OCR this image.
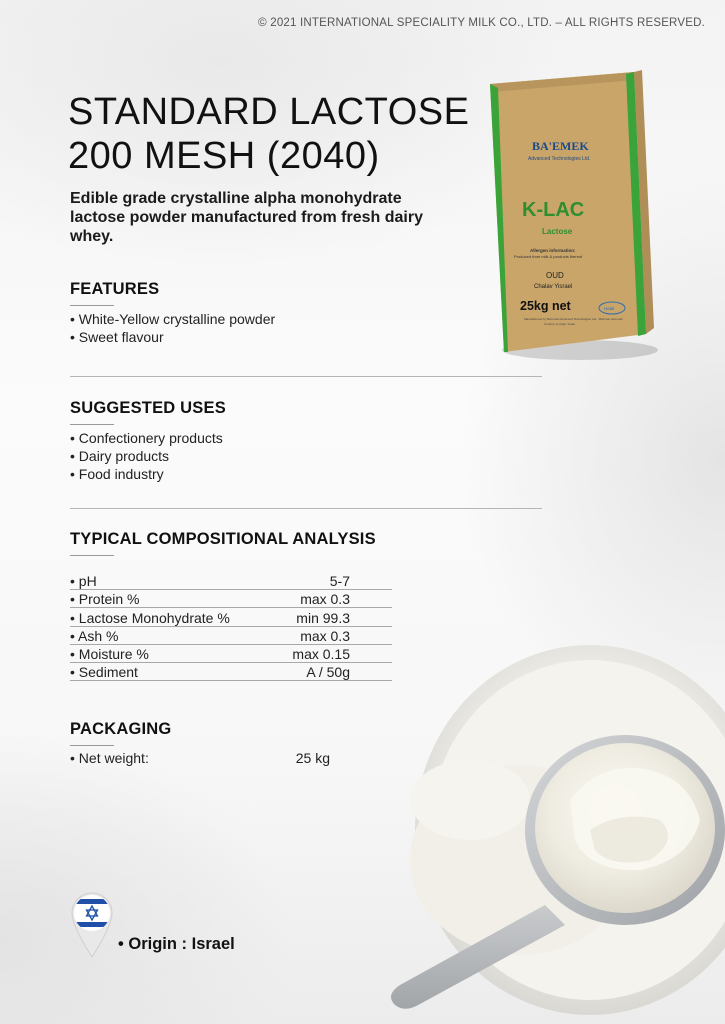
BA'EMEK
Advanced Technologies Ltd.
K-LAC
Lactose
Allergen information:
Produced from milk & products thereof
OUD
Chalav Yisrael
25kg net	Halal
Manufactured by Ba'emek Advanced Technologies Ltd., Mishmar Ha'emek
Country of origin: Israel
© 2021 INTERNATIONAL SPECIALITY MILK CO., LTD. – ALL RIGHTS RESERVED.
STANDARD LACTOSE
200 MESH (2040)

Edible grade crystalline alpha monohydrate lactose powder manufactured from fresh dairy whey.

FEATURES
• White-Yellow crystalline powder
• Sweet flavour
SUGGESTED USES
• Confectionery products
• Dairy products
• Food industry
TYPICAL COMPOSITIONAL ANALYSIS
• pH	5-7
• Protein %	max 0.3
• Lactose Monohydrate %	min 99.3
• Ash %	max 0.3
• Moisture %	max 0.15
• Sediment	A / 50g
PACKAGING
• Net weight:	25 kg
• Origin : Israel
